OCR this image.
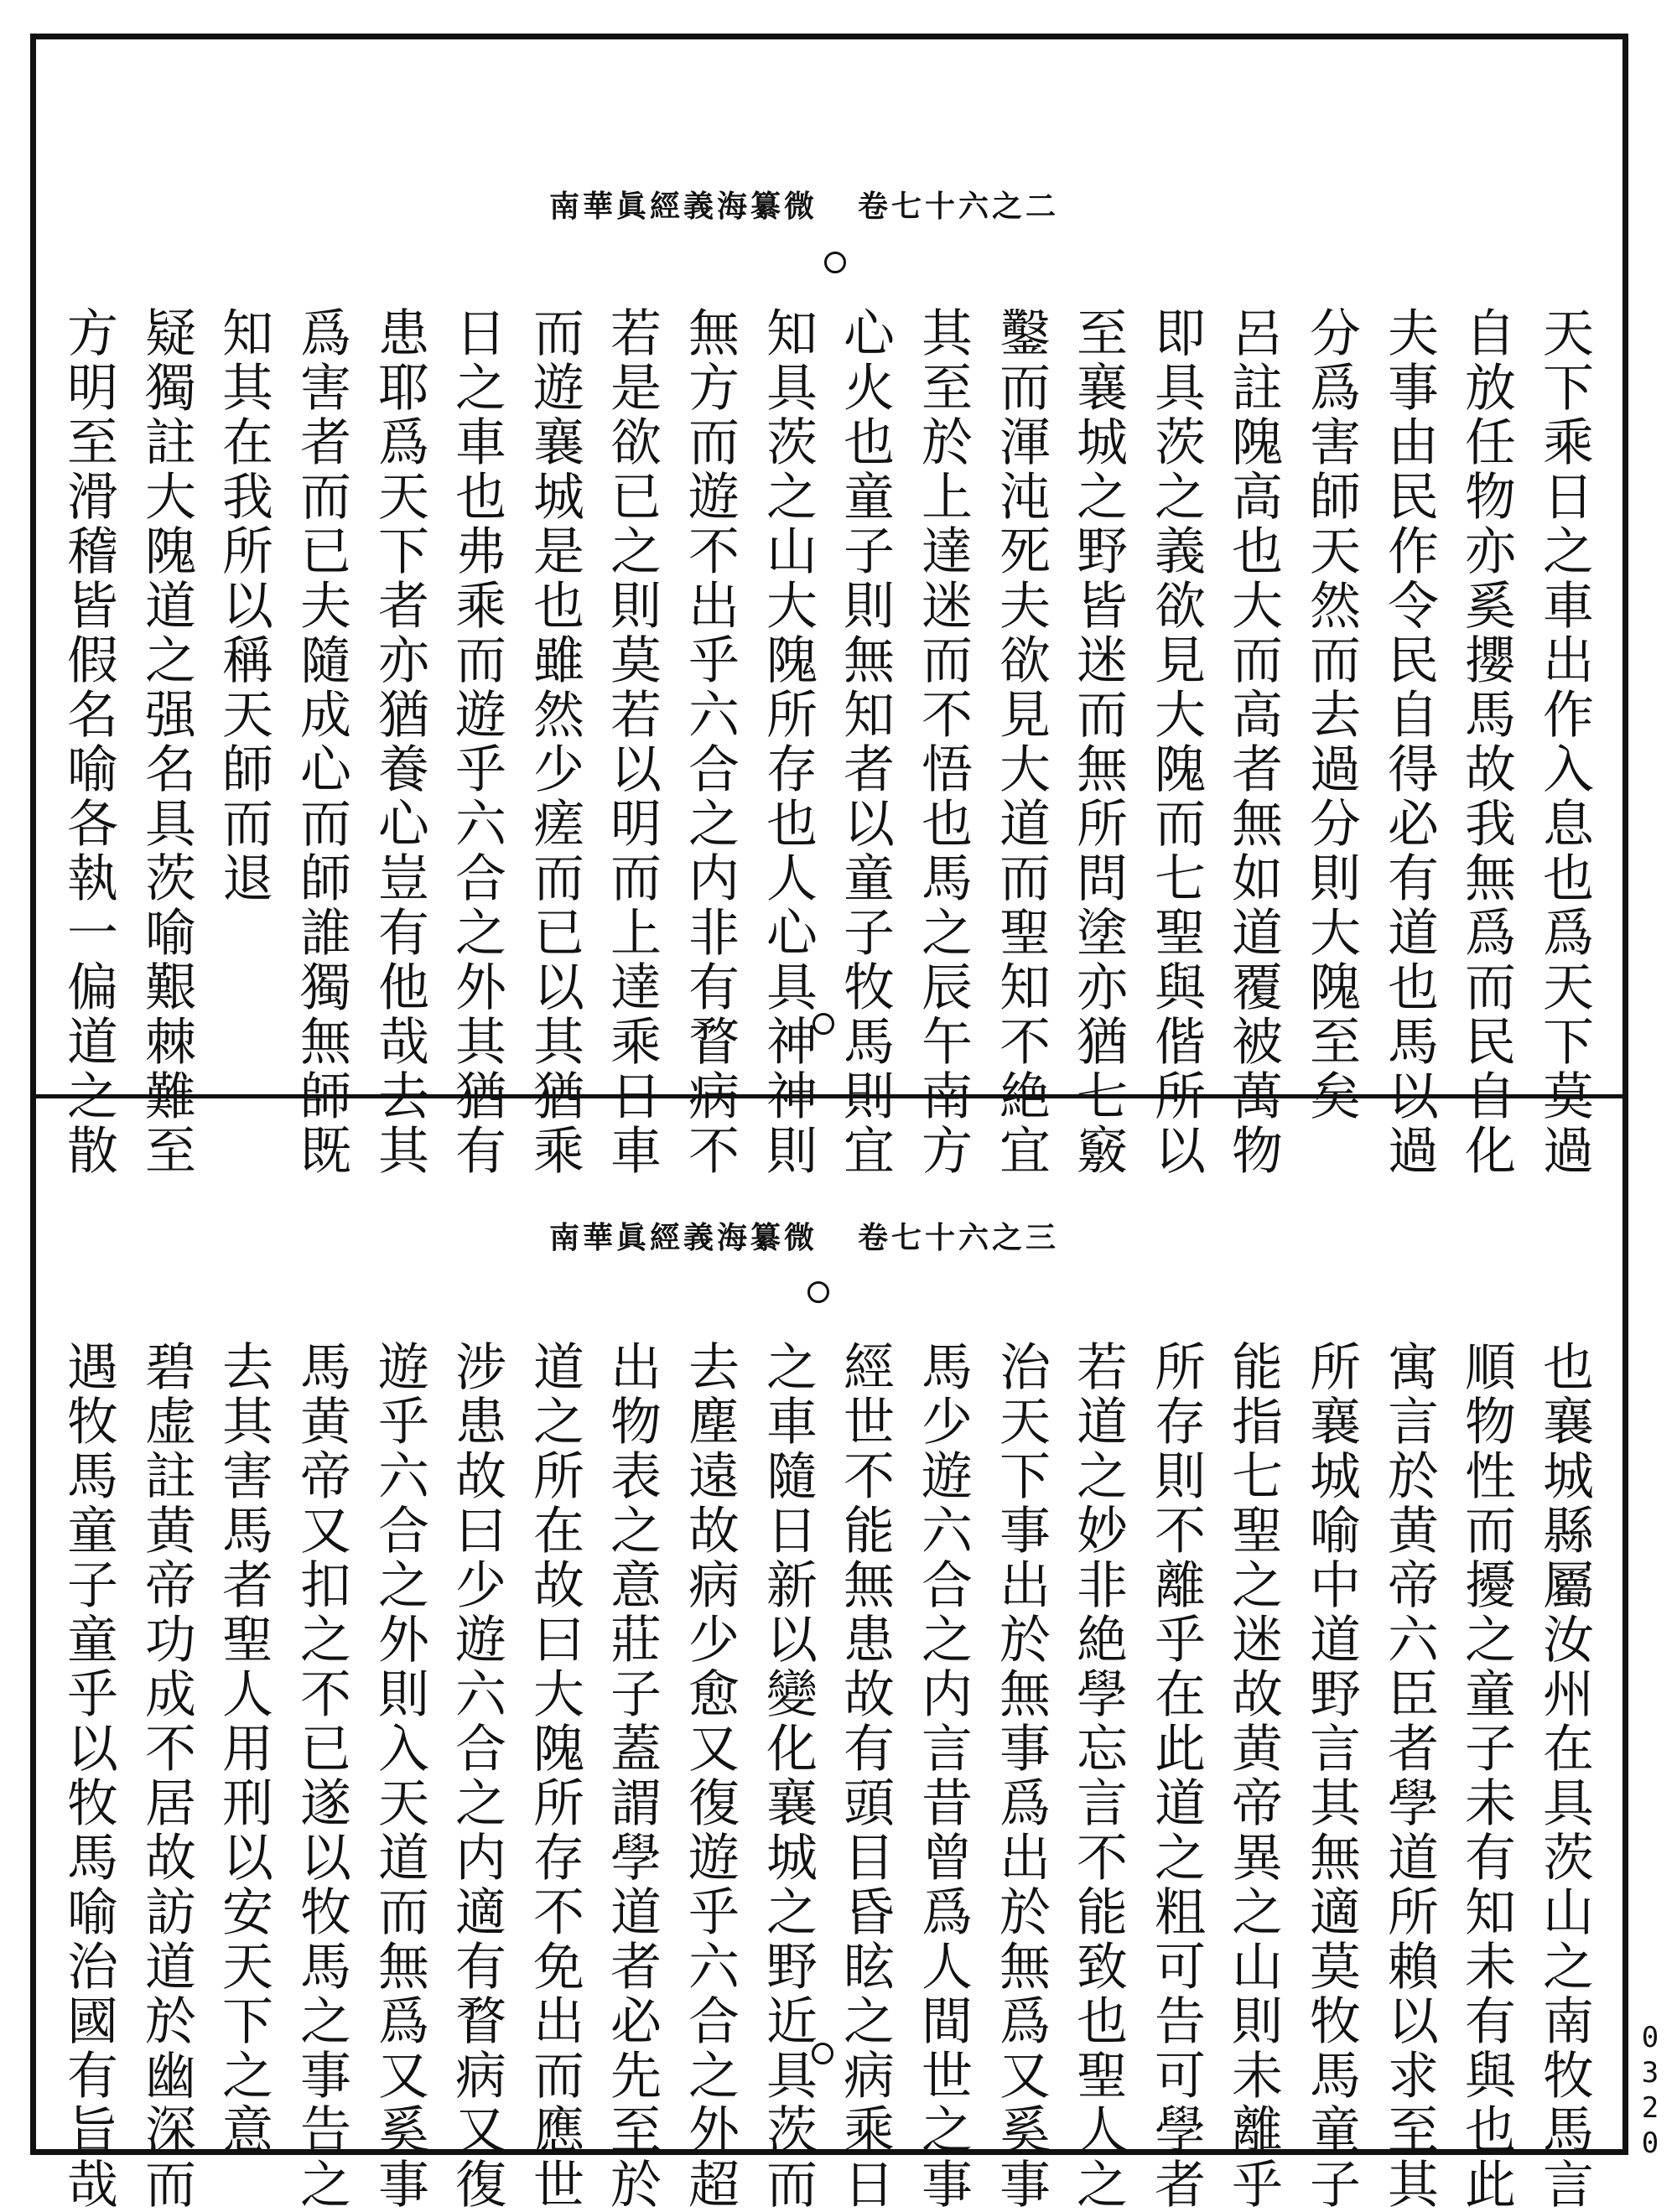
南華眞經義海纂微 卷七十六之二
天下乘日之車出作入息也爲天下莫過
自放任物亦奚攖馬故我無爲而民自化
夫事由民作令民自得必有道也馬以過
分爲害師天然而去過分則大隗至矣
呂註隗高也大而高者無如道覆被萬物
即具茨之義欲見大隗而七聖與偕所以
至襄城之野皆迷而無所問塗亦猶七竅
鑿而渾沌死夫欲見大道而聖知不絶宜
其至於上達迷而不悟也馬之辰午南方
心火也童子則無知者以童子牧馬則宜
知具茨之山大隗所存也人心具神神則
無方而遊不出乎六合之内非有瞀病不
若是欲已之則莫若以明而上達乘日車
而遊襄城是也雖然少瘥而已以其猶乘
日之車也弗乘而遊乎六合之外其猶有
患耶爲天下者亦猶養心豈有他哉去其
爲害者而已夫隨成心而師誰獨無師既
知其在我所以稱天師而退
疑獨註大隗道之强名具茨喻艱棘難至
方明至滑稽皆假名喻各執一偏道之散
南華眞經義海纂微 卷七十六之三
也襄城縣屬汝州在具茨山之南牧馬言
順物性而擾之童子未有知未有與也此
寓言於黄帝六臣者學道所賴以求至其
所襄城喻中道野言其無適莫牧馬童子
能指七聖之迷故黄帝異之山則未離乎
所存則不離乎在此道之粗可告可學者
若道之妙非絶學忘言不能致也聖人之
治天下事出於無事爲出於無爲又奚事
馬少遊六合之内言昔曾爲人間世之事
經世不能無患故有頭目昏眩之病乘日
之車隨日新以變化襄城之野近具茨而
去塵遠故病少愈又復遊乎六合之外超
出物表之意莊子蓋謂學道者必先至於
道之所在故曰大隗所存不免出而應世
涉患故曰少遊六合之内適有瞀病又復
遊乎六合之外則入天道而無爲又奚事
馬黄帝又扣之不已遂以牧馬之事告之
去其害馬者聖人用刑以安天下之意
碧虚註黄帝功成不居故訪道於幽深而
遇牧馬童子童乎以牧馬喻治國有旨哉	0320
